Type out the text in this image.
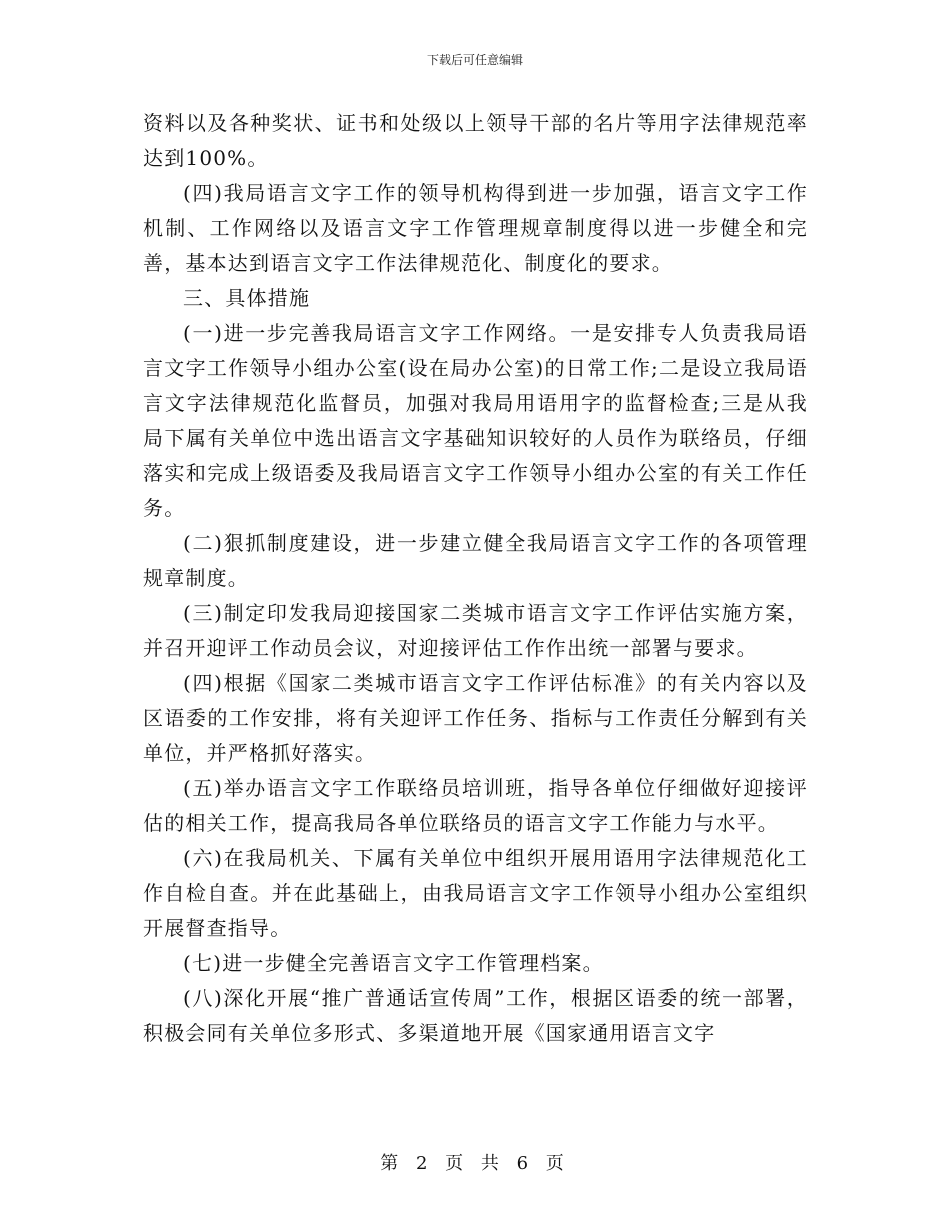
下载后可任意编辑

资料以及各种奖状、证书和处级以上领导干部的名片等用字法律规范率达到100%。

(四)我局语言文字工作的领导机构得到进一步加强，语言文字工作机制、工作网络以及语言文字工作管理规章制度得以进一步健全和完善，基本达到语言文字工作法律规范化、制度化的要求。

三、具体措施

(一)进一步完善我局语言文字工作网络。一是安排专人负责我局语言文字工作领导小组办公室(设在局办公室)的日常工作;二是设立我局语言文字法律规范化监督员，加强对我局用语用字的监督检查;三是从我局下属有关单位中选出语言文字基础知识较好的人员作为联络员，仔细落实和完成上级语委及我局语言文字工作领导小组办公室的有关工作任务。

(二)狠抓制度建设，进一步建立健全我局语言文字工作的各项管理规章制度。

(三)制定印发我局迎接国家二类城市语言文字工作评估实施方案，并召开迎评工作动员会议，对迎接评估工作作出统一部署与要求。

(四)根据《国家二类城市语言文字工作评估标准》的有关内容以及区语委的工作安排，将有关迎评工作任务、指标与工作责任分解到有关单位，并严格抓好落实。

(五)举办语言文字工作联络员培训班，指导各单位仔细做好迎接评估的相关工作，提高我局各单位联络员的语言文字工作能力与水平。

(六)在我局机关、下属有关单位中组织开展用语用字法律规范化工作自检自查。并在此基础上，由我局语言文字工作领导小组办公室组织开展督查指导。

(七)进一步健全完善语言文字工作管理档案。

(八)深化开展“推广普通话宣传周”工作，根据区语委的统一部署，积极会同有关单位多形式、多渠道地开展《国家通用语言文字

第 2 页 共 6 页
